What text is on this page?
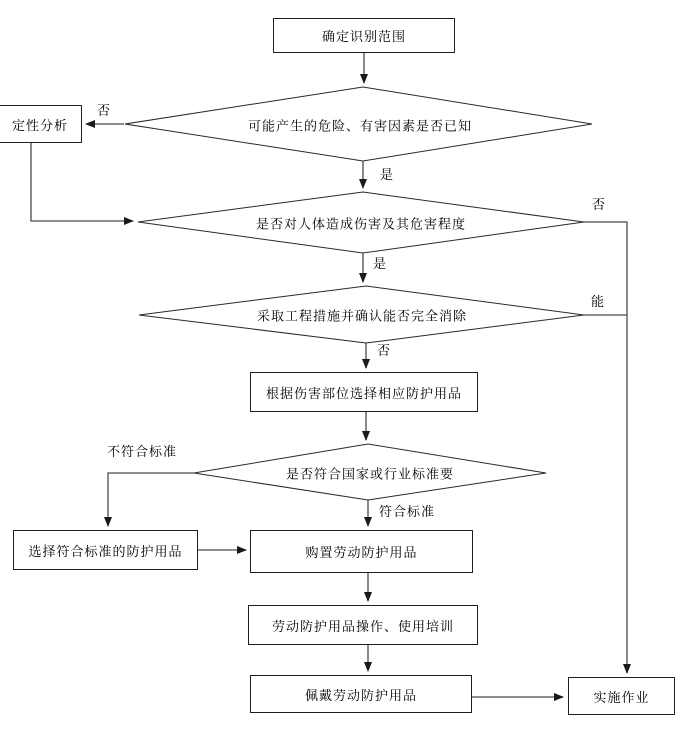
确定识别范围
定性分析
根据伤害部位选择相应防护用品
选择符合标准的防护用品	购置劳动防护用品
劳动防护用品操作、使用培训
佩戴劳动防护用品	实施作业
可能产生的危险、有害因素是否已知
是否对人体造成伤害及其危害程度
采取工程措施并确认能否完全消除
是否符合国家或行业标准要
否
是
否
是
能
否
不符合标准
符合标准
